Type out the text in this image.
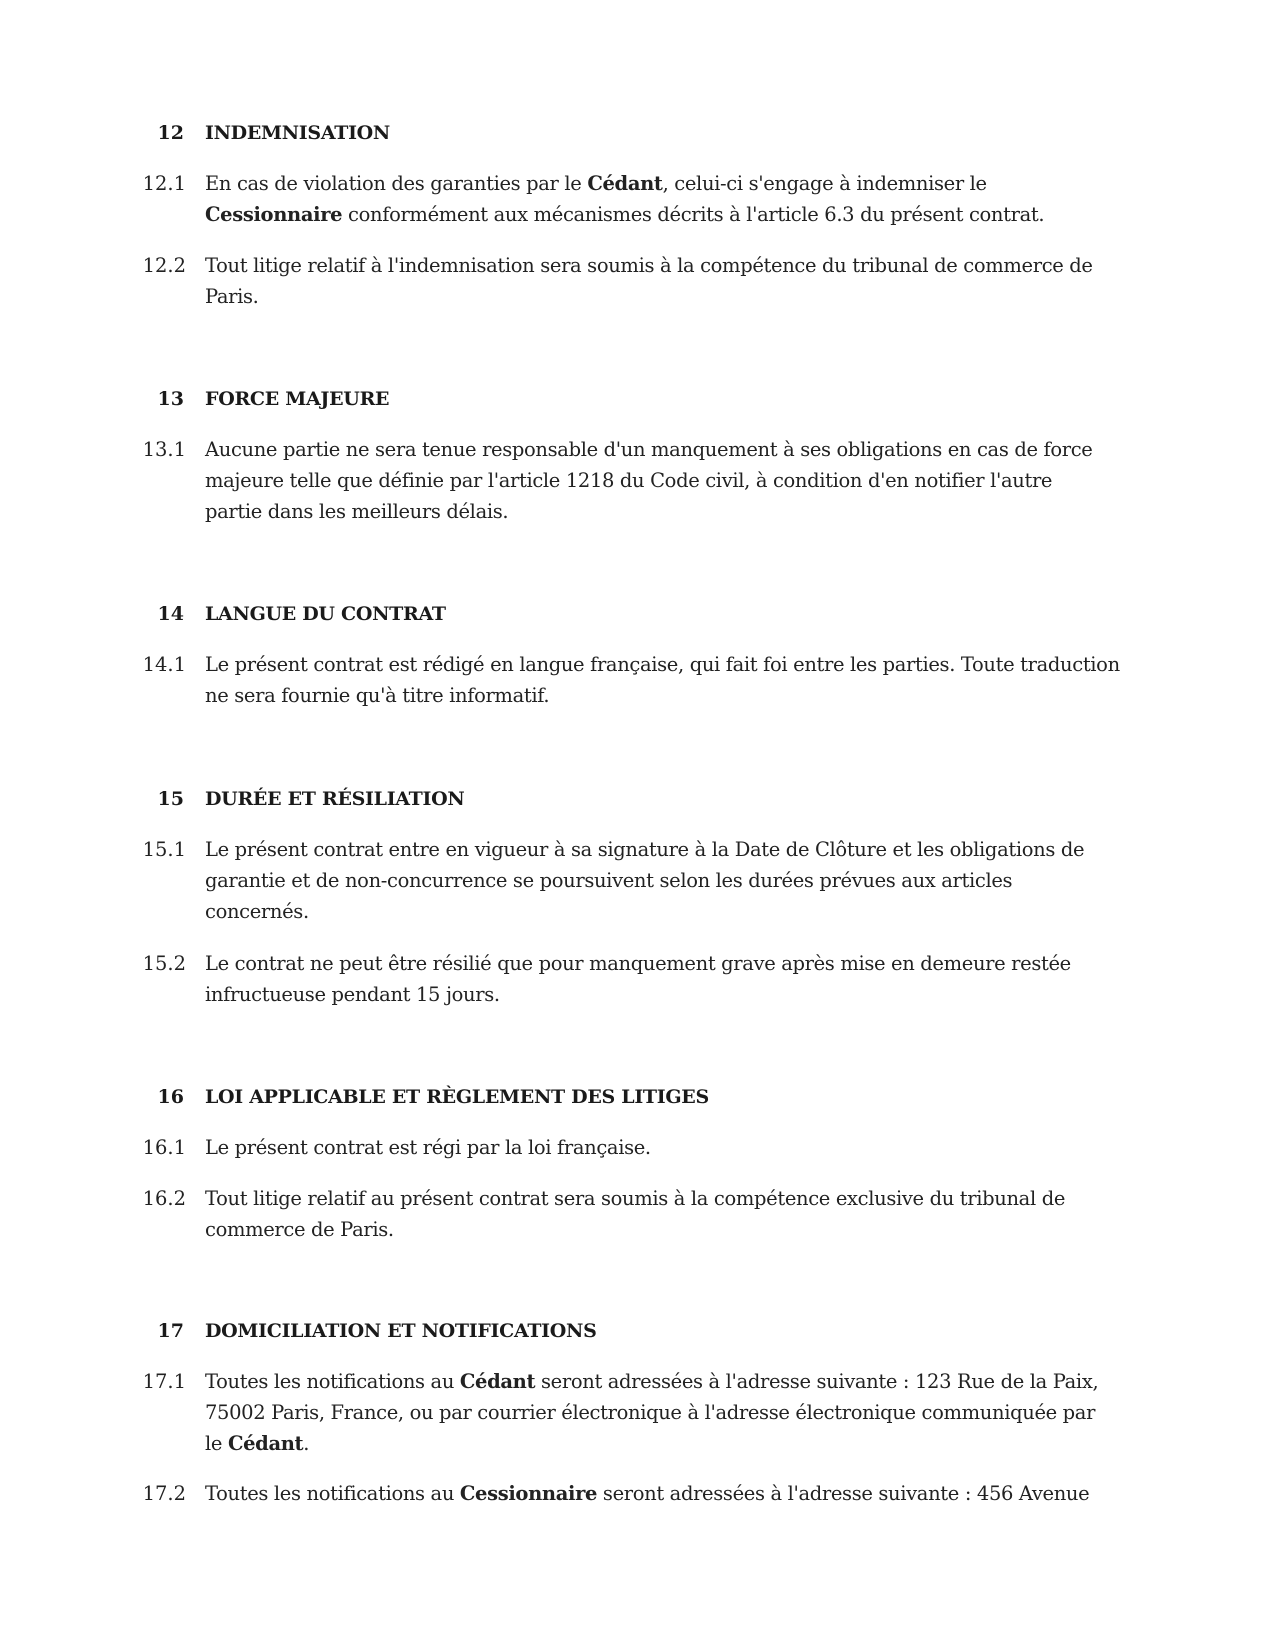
12 INDEMNISATION
12.1 En cas de violation des garanties par le Cédant, celui-ci s'engage à indemniser le
Cessionnaire conformément aux mécanismes décrits à l'article 6.3 du présent contrat.
12.2 Tout litige relatif à l'indemnisation sera soumis à la compétence du tribunal de commerce de
Paris.
13 FORCE MAJEURE
13.1 Aucune partie ne sera tenue responsable d'un manquement à ses obligations en cas de force
majeure telle que définie par l'article 1218 du Code civil, à condition d'en notifier l'autre
partie dans les meilleurs délais.
14 LANGUE DU CONTRAT
14.1 Le présent contrat est rédigé en langue française, qui fait foi entre les parties. Toute traduction
ne sera fournie qu'à titre informatif.
15 DURÉE ET RÉSILIATION
15.1 Le présent contrat entre en vigueur à sa signature à la Date de Clôture et les obligations de
garantie et de non-concurrence se poursuivent selon les durées prévues aux articles
concernés.
15.2 Le contrat ne peut être résilié que pour manquement grave après mise en demeure restée
infructueuse pendant 15 jours.
16 LOI APPLICABLE ET RÈGLEMENT DES LITIGES
16.1 Le présent contrat est régi par la loi française.
16.2 Tout litige relatif au présent contrat sera soumis à la compétence exclusive du tribunal de
commerce de Paris.
17 DOMICILIATION ET NOTIFICATIONS
17.1 Toutes les notifications au Cédant seront adressées à l'adresse suivante : 123 Rue de la Paix,
75002 Paris, France, ou par courrier électronique à l'adresse électronique communiquée par
le Cédant.
17.2 Toutes les notifications au Cessionnaire seront adressées à l'adresse suivante : 456 Avenue
